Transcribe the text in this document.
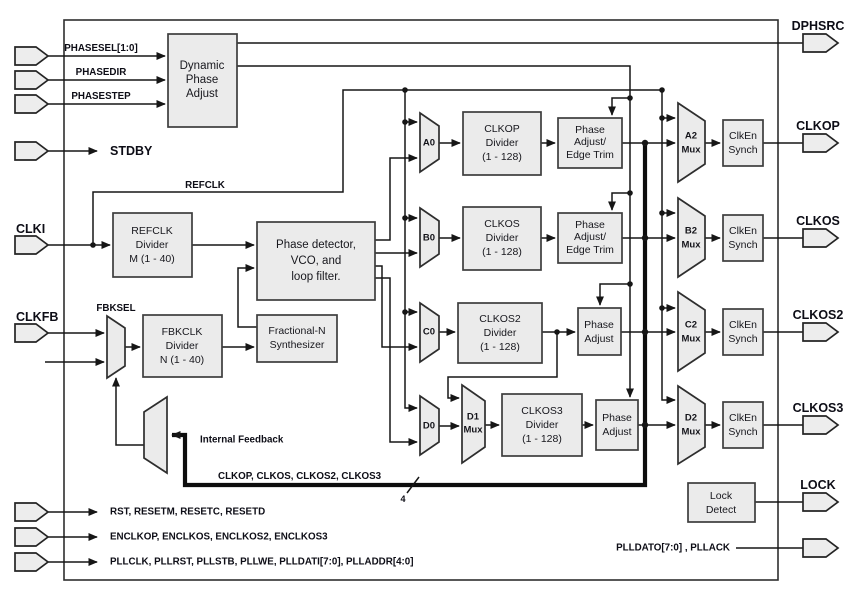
Dynamic
Phase
Adjust
REFCLK
Divider
M (1 - 40)
Phase detector,
VCO, and
loop filter.
Fractional-N
Synthesizer
FBKCLK
Divider
N (1 - 40)
CLKOP
Divider
(1 - 128)
CLKOS
Divider
(1 - 128)
CLKOS2
Divider
(1 - 128)
CLKOS3
Divider
(1 - 128)
Phase
Adjust/
Edge Trim
Phase
Adjust/
Edge Trim
Phase
Adjust
Phase
Adjust
ClkEn
Synch
ClkEn
Synch
ClkEn
Synch
ClkEn
Synch
Lock
Detect
A0
B0
C0
D0
D1
Mux
A2
Mux
B2
Mux
C2
Mux
D2
Mux
PHASESEL[1:0]
PHASEDIR
PHASESTEP
STDBY
CLKI
CLKFB
REFCLK
FBKSEL
Internal Feedback
CLKOP, CLKOS, CLKOS2, CLKOS3
4
RST, RESETM, RESETC, RESETD
ENCLKOP, ENCLKOS, ENCLKOS2, ENCLKOS3
PLLCLK, PLLRST, PLLSTB, PLLWE, PLLDATI[7:0], PLLADDR[4:0]
PLLDATO[7:0] , PLLACK
DPHSRC
CLKOP
CLKOS
CLKOS2
CLKOS3
LOCK
